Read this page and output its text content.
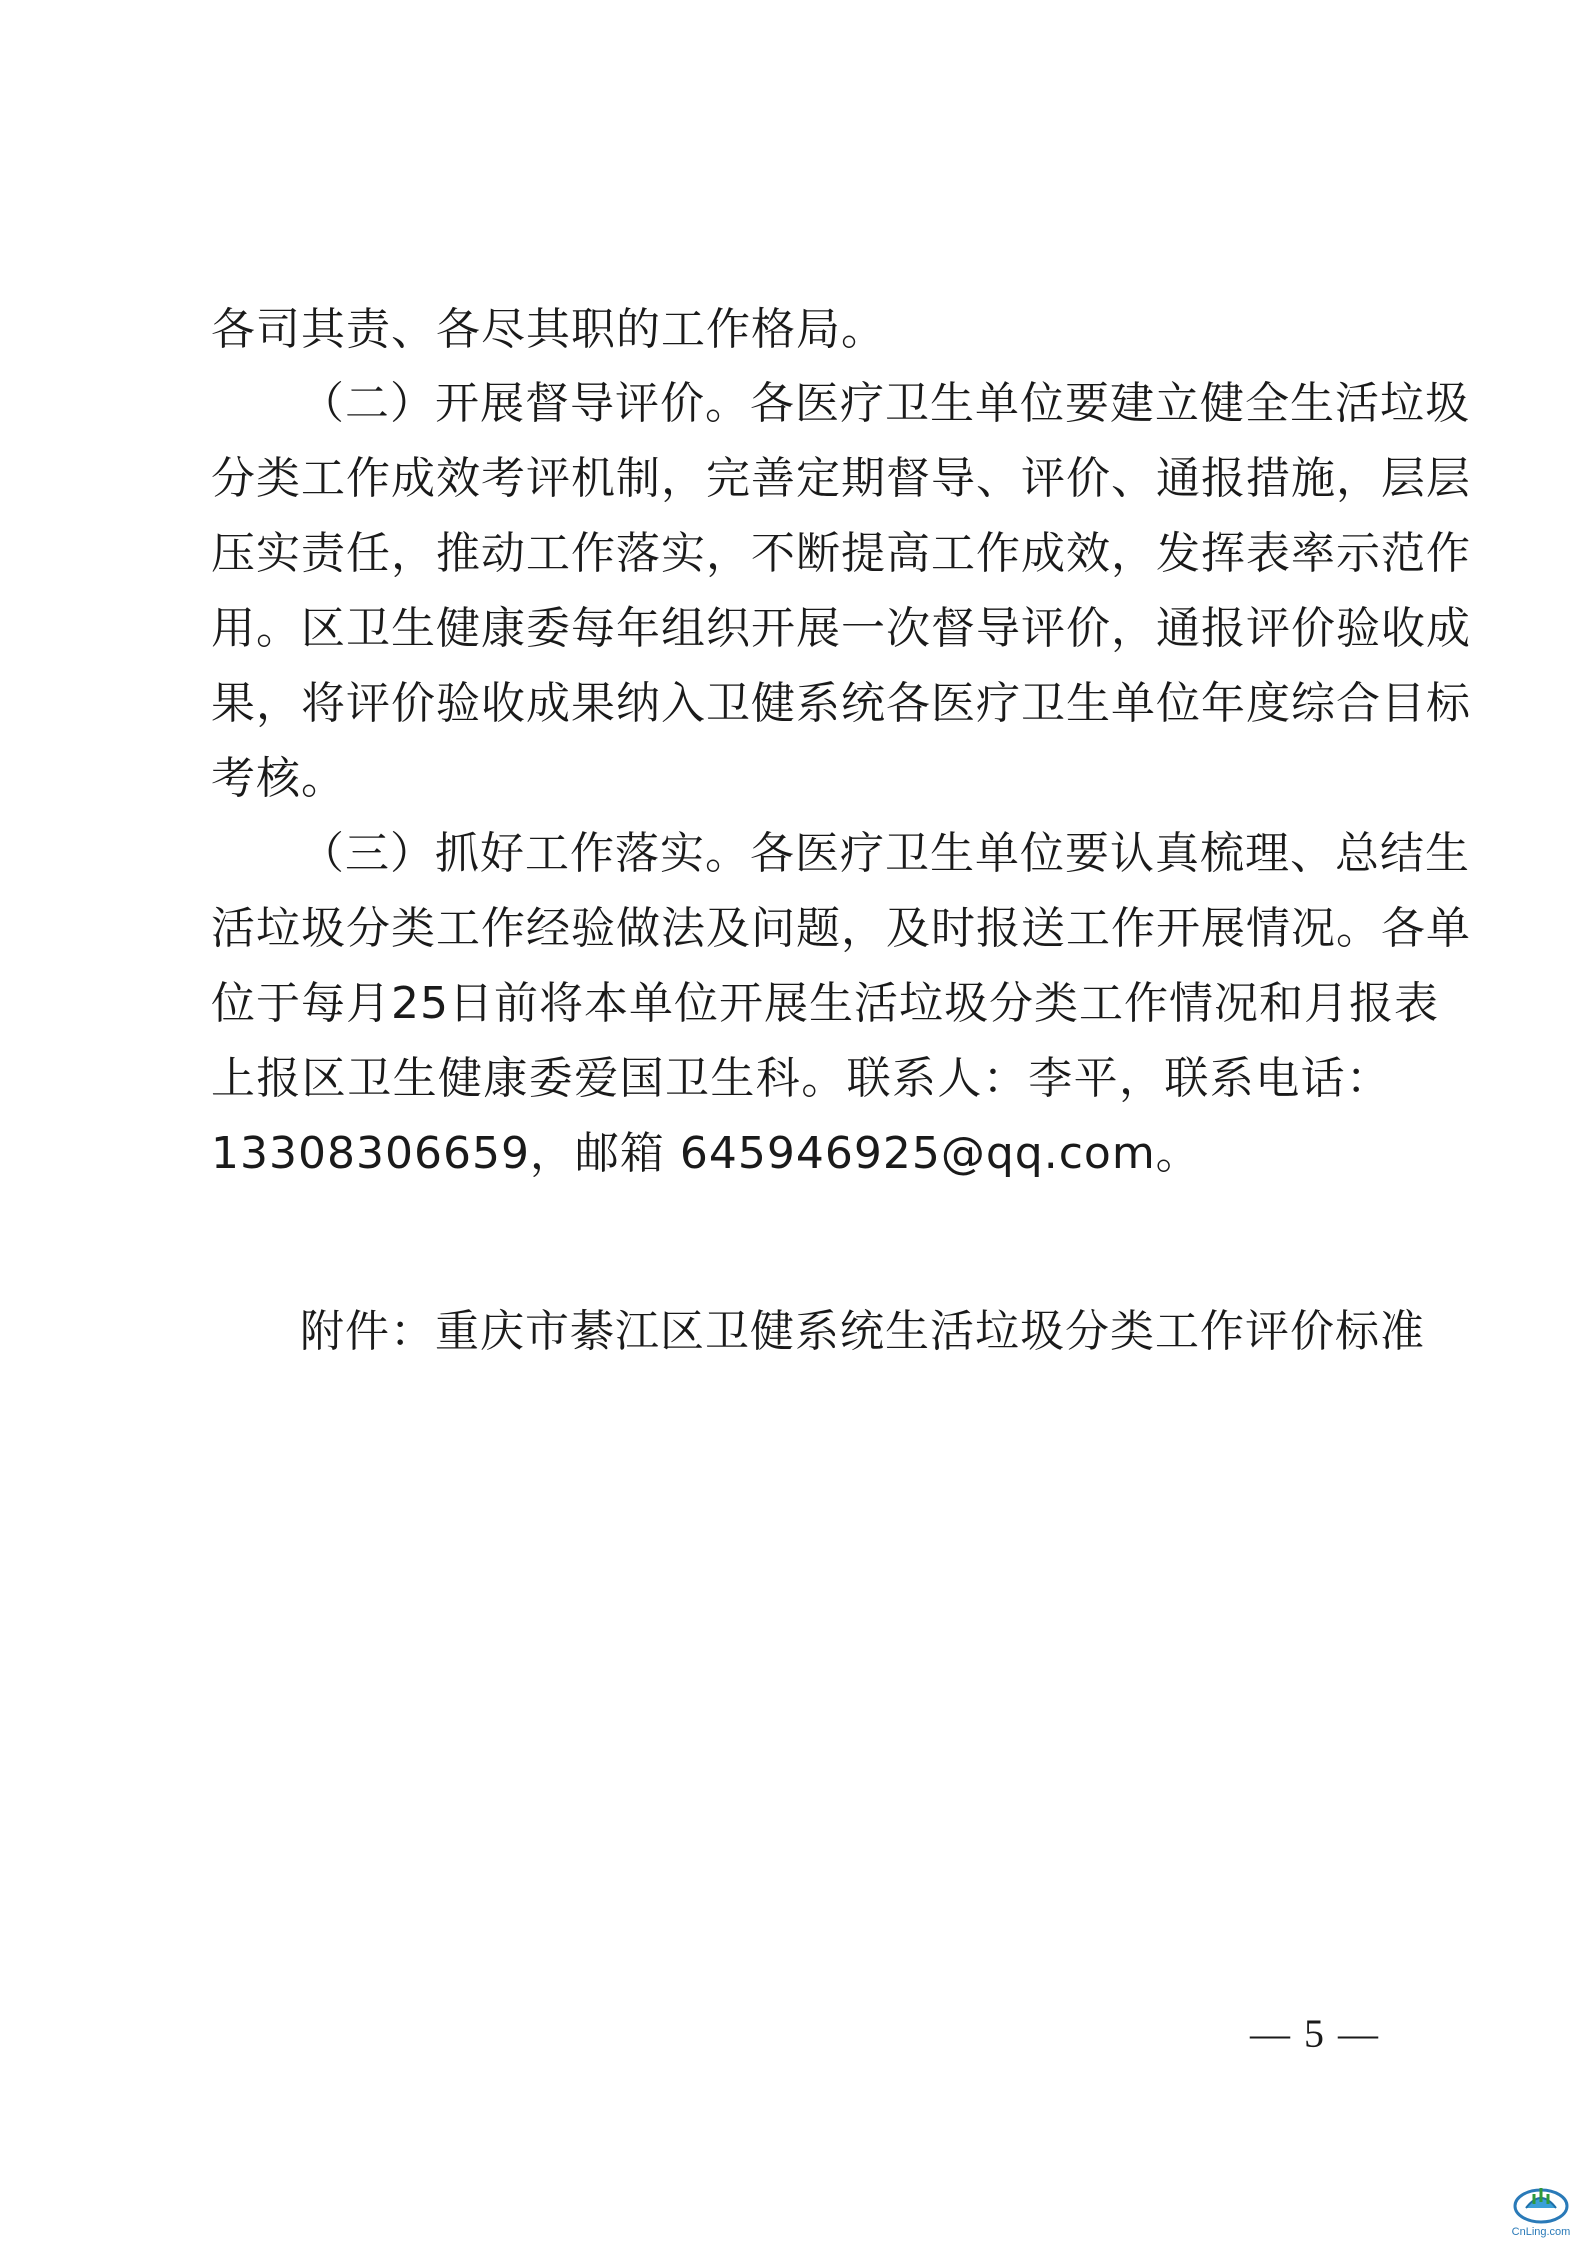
各司其责、各尽其职的工作格局。
（二）开展督导评价。各医疗卫生单位要建立健全生活垃圾
分类工作成效考评机制，完善定期督导、评价、通报措施，层层
压实责任，推动工作落实，不断提高工作成效，发挥表率示范作
用。区卫生健康委每年组织开展一次督导评价，通报评价验收成
果，将评价验收成果纳入卫健系统各医疗卫生单位年度综合目标
考核。
（三）抓好工作落实。各医疗卫生单位要认真梳理、总结生
活垃圾分类工作经验做法及问题，及时报送工作开展情况。各单
位于每月25日前将本单位开展生活垃圾分类工作情况和月报表
上报区卫生健康委爱国卫生科。联系人：李平，联系电话：
13308306659，邮箱 645946925@qq.com。
附件：重庆市綦江区卫健系统生活垃圾分类工作评价标准
— 5 —
CnLing.com
